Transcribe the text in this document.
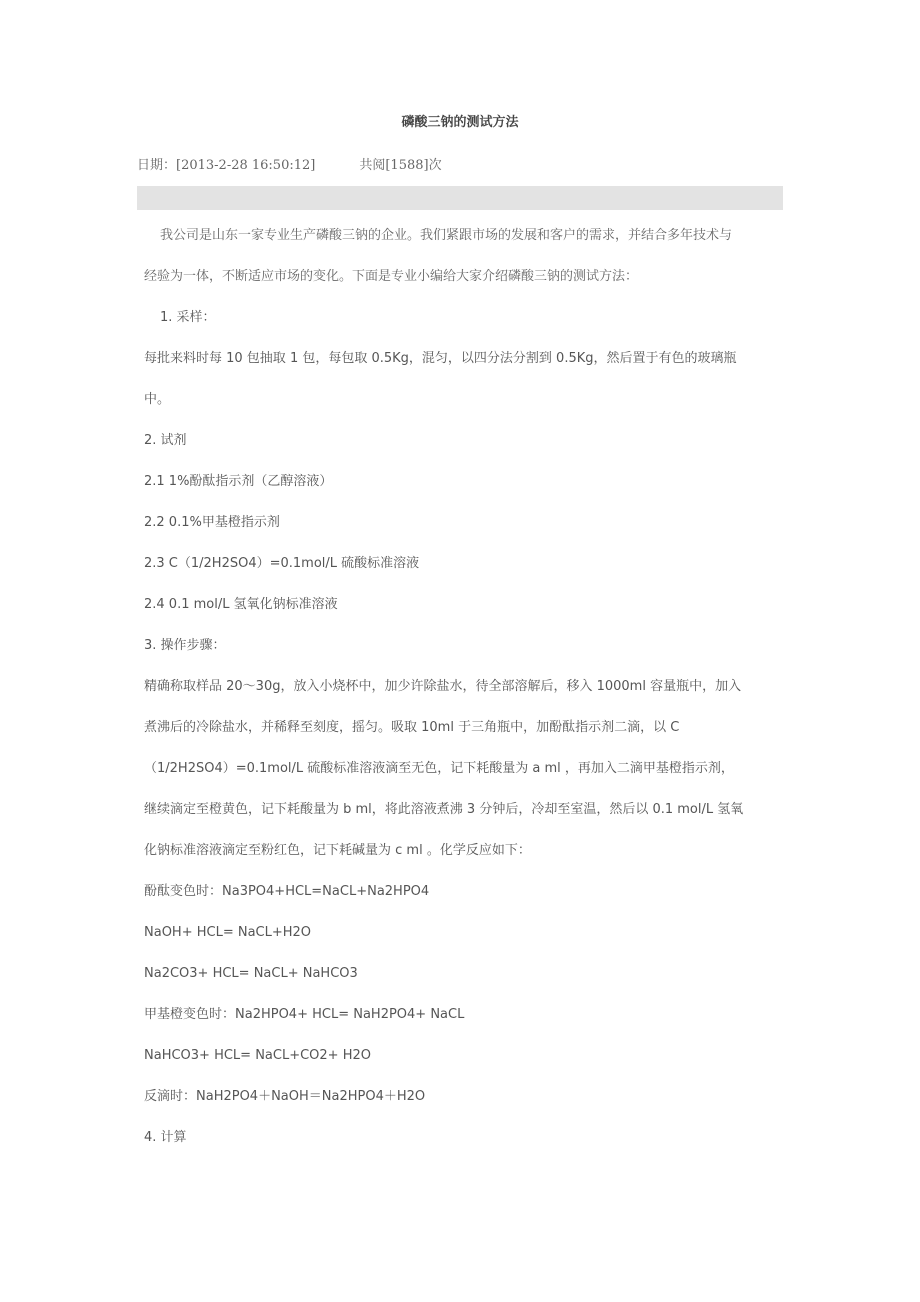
磷酸三钠的测试方法
日期：[2013-2-28 16:50:12]	共阅[1588]次
我公司是山东一家专业生产磷酸三钠的企业。我们紧跟市场的发展和客户的需求，并结合多年技术与
经验为一体，不断适应市场的变化。下面是专业小编给大家介绍磷酸三钠的测试方法：
1. 采样：
每批来料时每 10 包抽取 1 包，每包取 0.5Kg，混匀，以四分法分割到 0.5Kg，然后置于有色的玻璃瓶
中。
2. 试剂
2.1 1%酚酞指示剂（乙醇溶液）
2.2 0.1%甲基橙指示剂
2.3 C（1/2H2SO4）=0.1mol/L 硫酸标准溶液
2.4 0.1 mol/L 氢氧化钠标准溶液
3. 操作步骤：
精确称取样品 20～30g，放入小烧杯中，加少许除盐水，待全部溶解后，移入 1000ml 容量瓶中，加入
煮沸后的冷除盐水，并稀释至刻度，摇匀。吸取 10ml 于三角瓶中，加酚酞指示剂二滴，以 C
（1/2H2SO4）=0.1mol/L 硫酸标准溶液滴至无色，记下耗酸量为 a ml ，再加入二滴甲基橙指示剂，
继续滴定至橙黄色，记下耗酸量为 b ml，将此溶液煮沸 3 分钟后，冷却至室温，然后以 0.1 mol/L 氢氧
化钠标准溶液滴定至粉红色，记下耗碱量为 c ml 。化学反应如下：
酚酞变色时：Na3PO4+HCL=NaCL+Na2HPO4
NaOH+ HCL= NaCL+H2O
Na2CO3+ HCL= NaCL+ NaHCO3
甲基橙变色时：Na2HPO4+ HCL= NaH2PO4+ NaCL
NaHCO3+ HCL= NaCL+CO2+ H2O
反滴时：NaH2PO4＋NaOH＝Na2HPO4＋H2O
4. 计算
